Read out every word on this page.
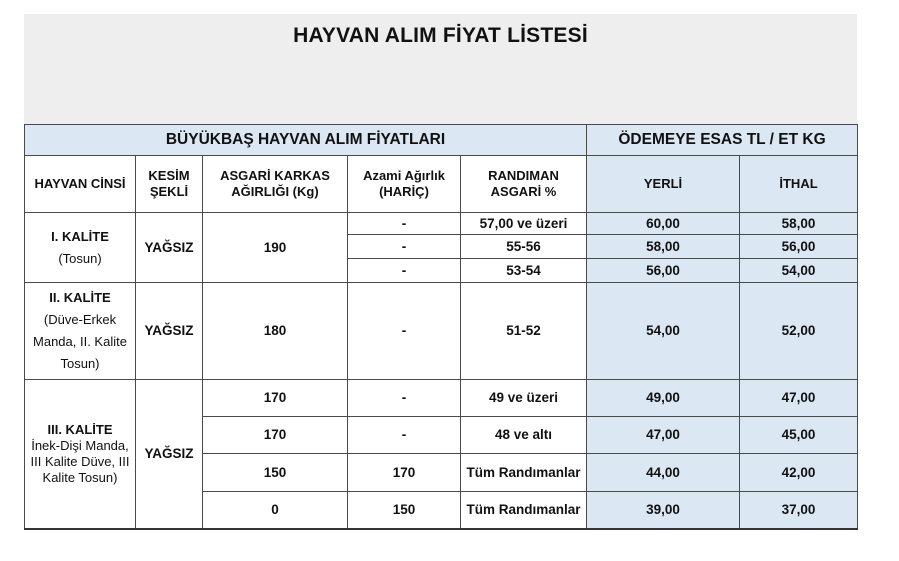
HAYVAN ALIM FİYAT LİSTESİ
BÜYÜKBAŞ HAYVAN ALIM FİYATLARI					ÖDEMEYE ESAS TL / ET KG	
HAYVAN CİNSİ	KESİM ŞEKLİ	ASGARİ KARKAS AĞIRLIĞI (Kg)	Azami Ağırlık (HARİÇ)	RANDIMAN ASGARİ %	YERLİ	İTHAL

I. KALİTE
(Tosun)	YAĞSIZ	190	-	57,00 ve üzeri	60,00	58,00
			-	55-56	58,00	56,00
			-	53-54	56,00	54,00

II. KALİTE
(Düve-Erkek Manda, II. Kalite Tosun)	YAĞSIZ	180	-	51-52	54,00	52,00

III. KALİTE
İnek-Dişi Manda, III Kalite Düve, III Kalite Tosun)	YAĞSIZ	170	-	49 ve üzeri	49,00	47,00
		170	-	48 ve altı	47,00	45,00
		150	170	Tüm Randımanlar	44,00	42,00
		0	150	Tüm Randımanlar	39,00	37,00
